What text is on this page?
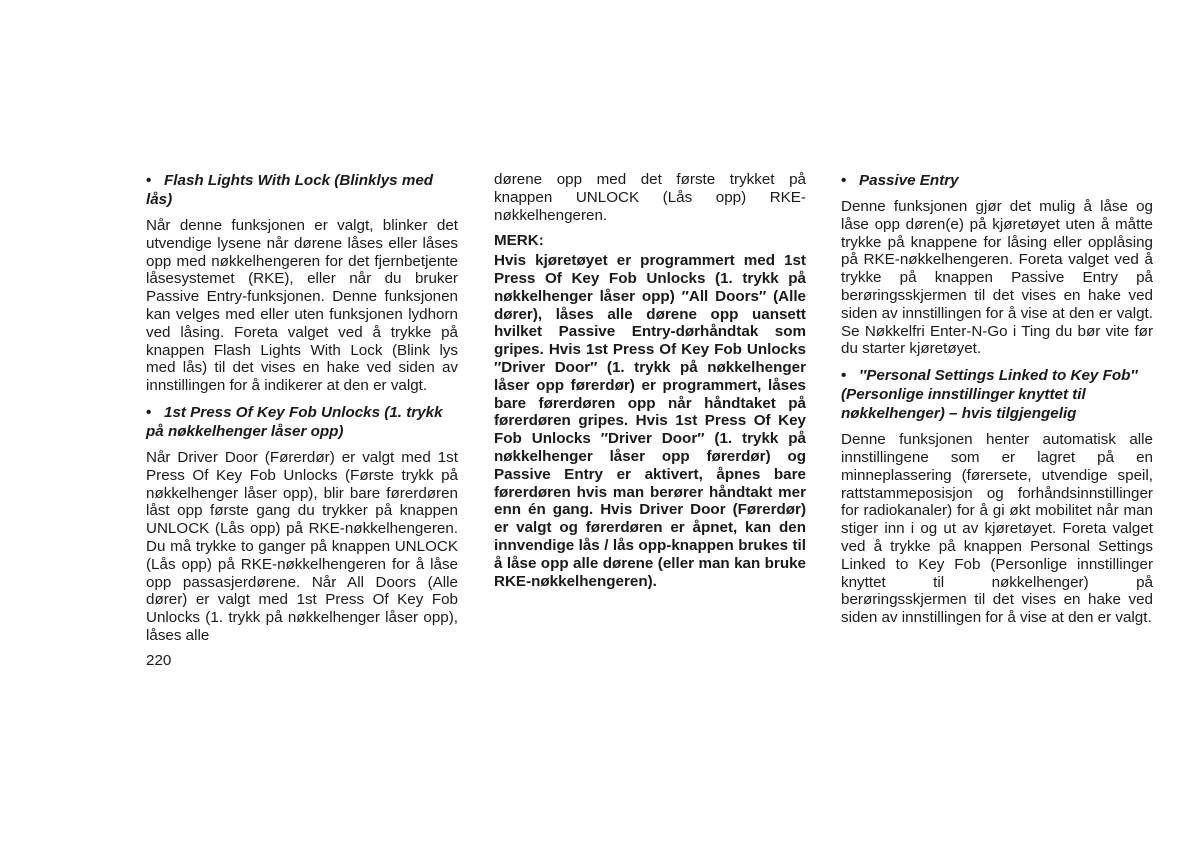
• Flash Lights With Lock (Blinklys med lås)

Når denne funksjonen er valgt, blinker det utvendige lysene når dørene låses eller låses opp med nøkkelhengeren for det fjernbetjente låsesystemet (RKE), eller når du bruker Passive Entry-funksjonen. Denne funksjonen kan velges med eller uten funksjonen lydhorn ved låsing. Foreta valget ved å trykke på knappen Flash Lights With Lock (Blink lys med lås) til det vises en hake ved siden av innstillingen for å indikerer at den er valgt.

• 1st Press Of Key Fob Unlocks (1. trykk på nøkkelhenger låser opp)

Når Driver Door (Førerdør) er valgt med 1st Press Of Key Fob Unlocks (Første trykk på nøkkelhenger låser opp), blir bare førerdøren låst opp første gang du trykker på knappen UNLOCK (Lås opp) på RKE-nøkkelhengeren. Du må trykke to ganger på knappen UNLOCK (Lås opp) på RKE-nøkkelhengeren for å låse opp passasjerdørene. Når All Doors (Alle dører) er valgt med 1st Press Of Key Fob Unlocks (1. trykk på nøkkelhenger låser opp), låses alle

dørene opp med det første trykket på knappen UNLOCK (Lås opp) RKE-nøkkelhengeren.

MERK:

Hvis kjøretøyet er programmert med 1st Press Of Key Fob Unlocks (1. trykk på nøkkelhenger låser opp) ″All Doors″ (Alle dører), låses alle dørene opp uansett hvilket Passive Entry-dørhåndtak som gripes. Hvis 1st Press Of Key Fob Unlocks ″Driver Door″ (1. trykk på nøkkelhenger låser opp førerdør) er programmert, låses bare førerdøren opp når håndtaket på førerdøren gripes. Hvis 1st Press Of Key Fob Unlocks ″Driver Door″ (1. trykk på nøkkelhenger låser opp førerdør) og Passive Entry er aktivert, åpnes bare førerdøren hvis man berører håndtakt mer enn én gang. Hvis Driver Door (Førerdør) er valgt og førerdøren er åpnet, kan den innvendige lås / lås opp-knappen brukes til å låse opp alle dørene (eller man kan bruke RKE-nøkkelhengeren).

• Passive Entry

Denne funksjonen gjør det mulig å låse og låse opp døren(e) på kjøretøyet uten å måtte trykke på knappene for låsing eller opplåsing på RKE-nøkkelhengeren. Foreta valget ved å trykke på knappen Passive Entry på berøringsskjermen til det vises en hake ved siden av innstillingen for å vise at den er valgt. Se Nøkkelfri Enter-N-Go i Ting du bør vite før du starter kjøretøyet.

• ″Personal Settings Linked to Key Fob″ (Personlige innstillinger knyttet til nøkkelhenger) – hvis tilgjengelig

Denne funksjonen henter automatisk alle innstillingene som er lagret på en minneplassering (førersete, utvendige speil, rattstammeposisjon og forhåndsinnstillinger for radiokanaler) for å gi økt mobilitet når man stiger inn i og ut av kjøretøyet. Foreta valget ved å trykke på knappen Personal Settings Linked to Key Fob (Personlige innstillinger knyttet til nøkkelhenger) på berøringsskjermen til det vises en hake ved siden av innstillingen for å vise at den er valgt.

220
